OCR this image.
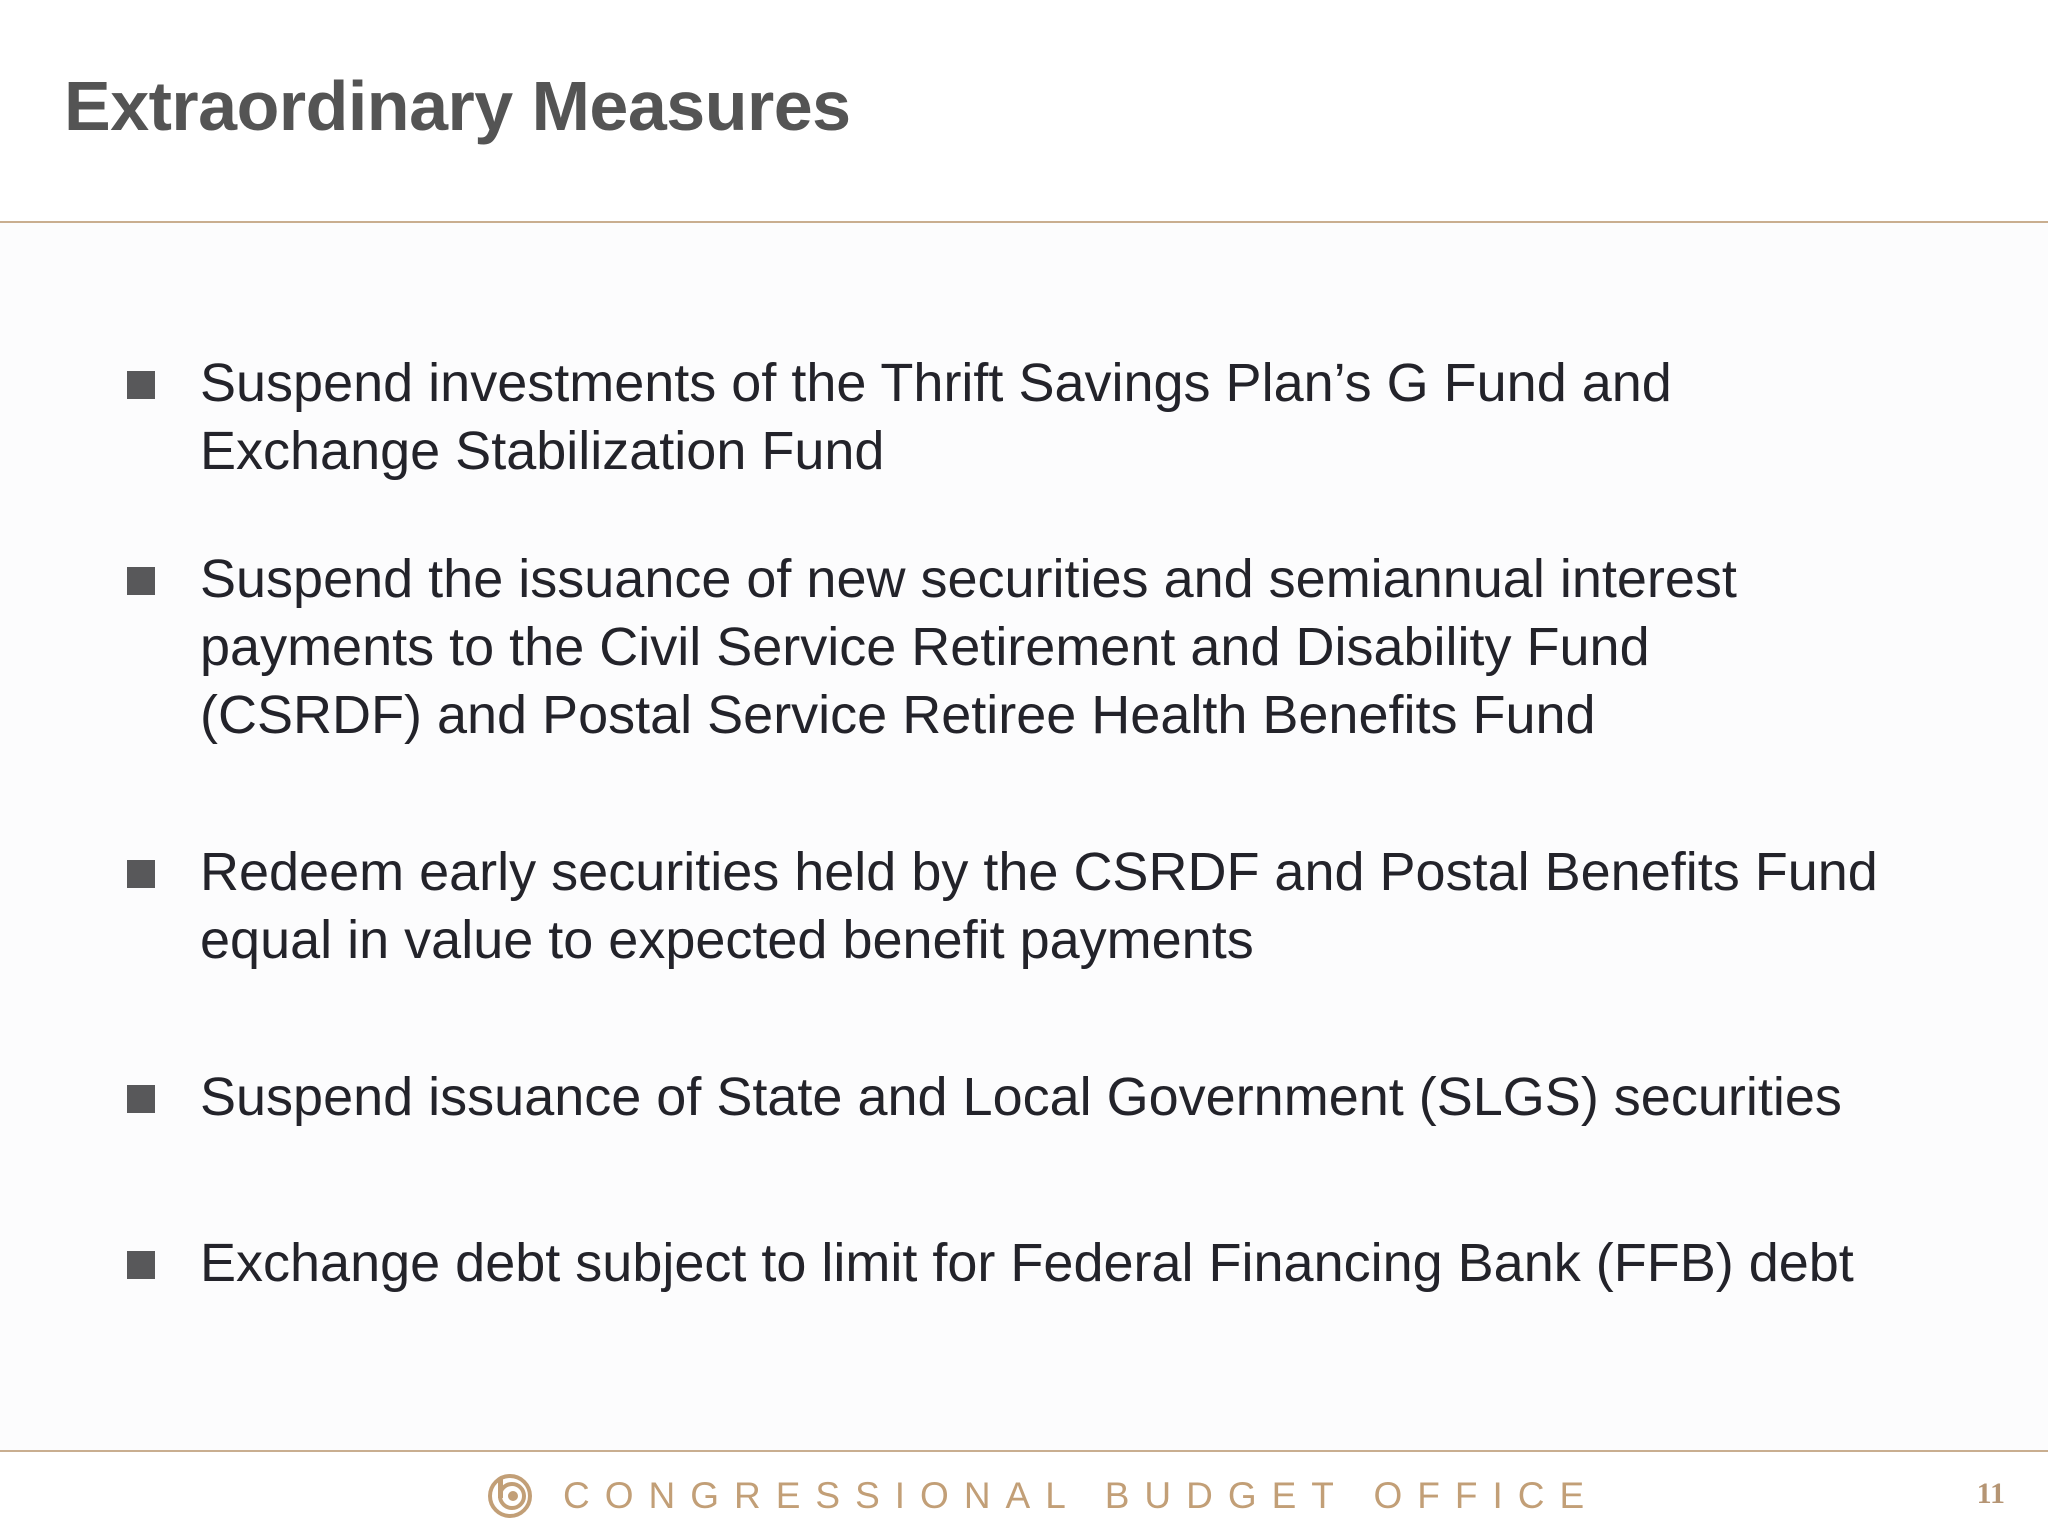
Extraordinary Measures
Suspend investments of the Thrift Savings Plan’s G Fund and
Exchange Stabilization Fund
Suspend the issuance of new securities and semiannual interest
payments to the Civil Service Retirement and Disability Fund
(CSRDF) and Postal Service Retiree Health Benefits Fund
Redeem early securities held by the CSRDF and Postal Benefits Fund
equal in value to expected benefit payments
Suspend issuance of State and Local Government (SLGS) securities
Exchange debt subject to limit for Federal Financing Bank (FFB) debt
CONGRESSIONAL BUDGET OFFICE	11
